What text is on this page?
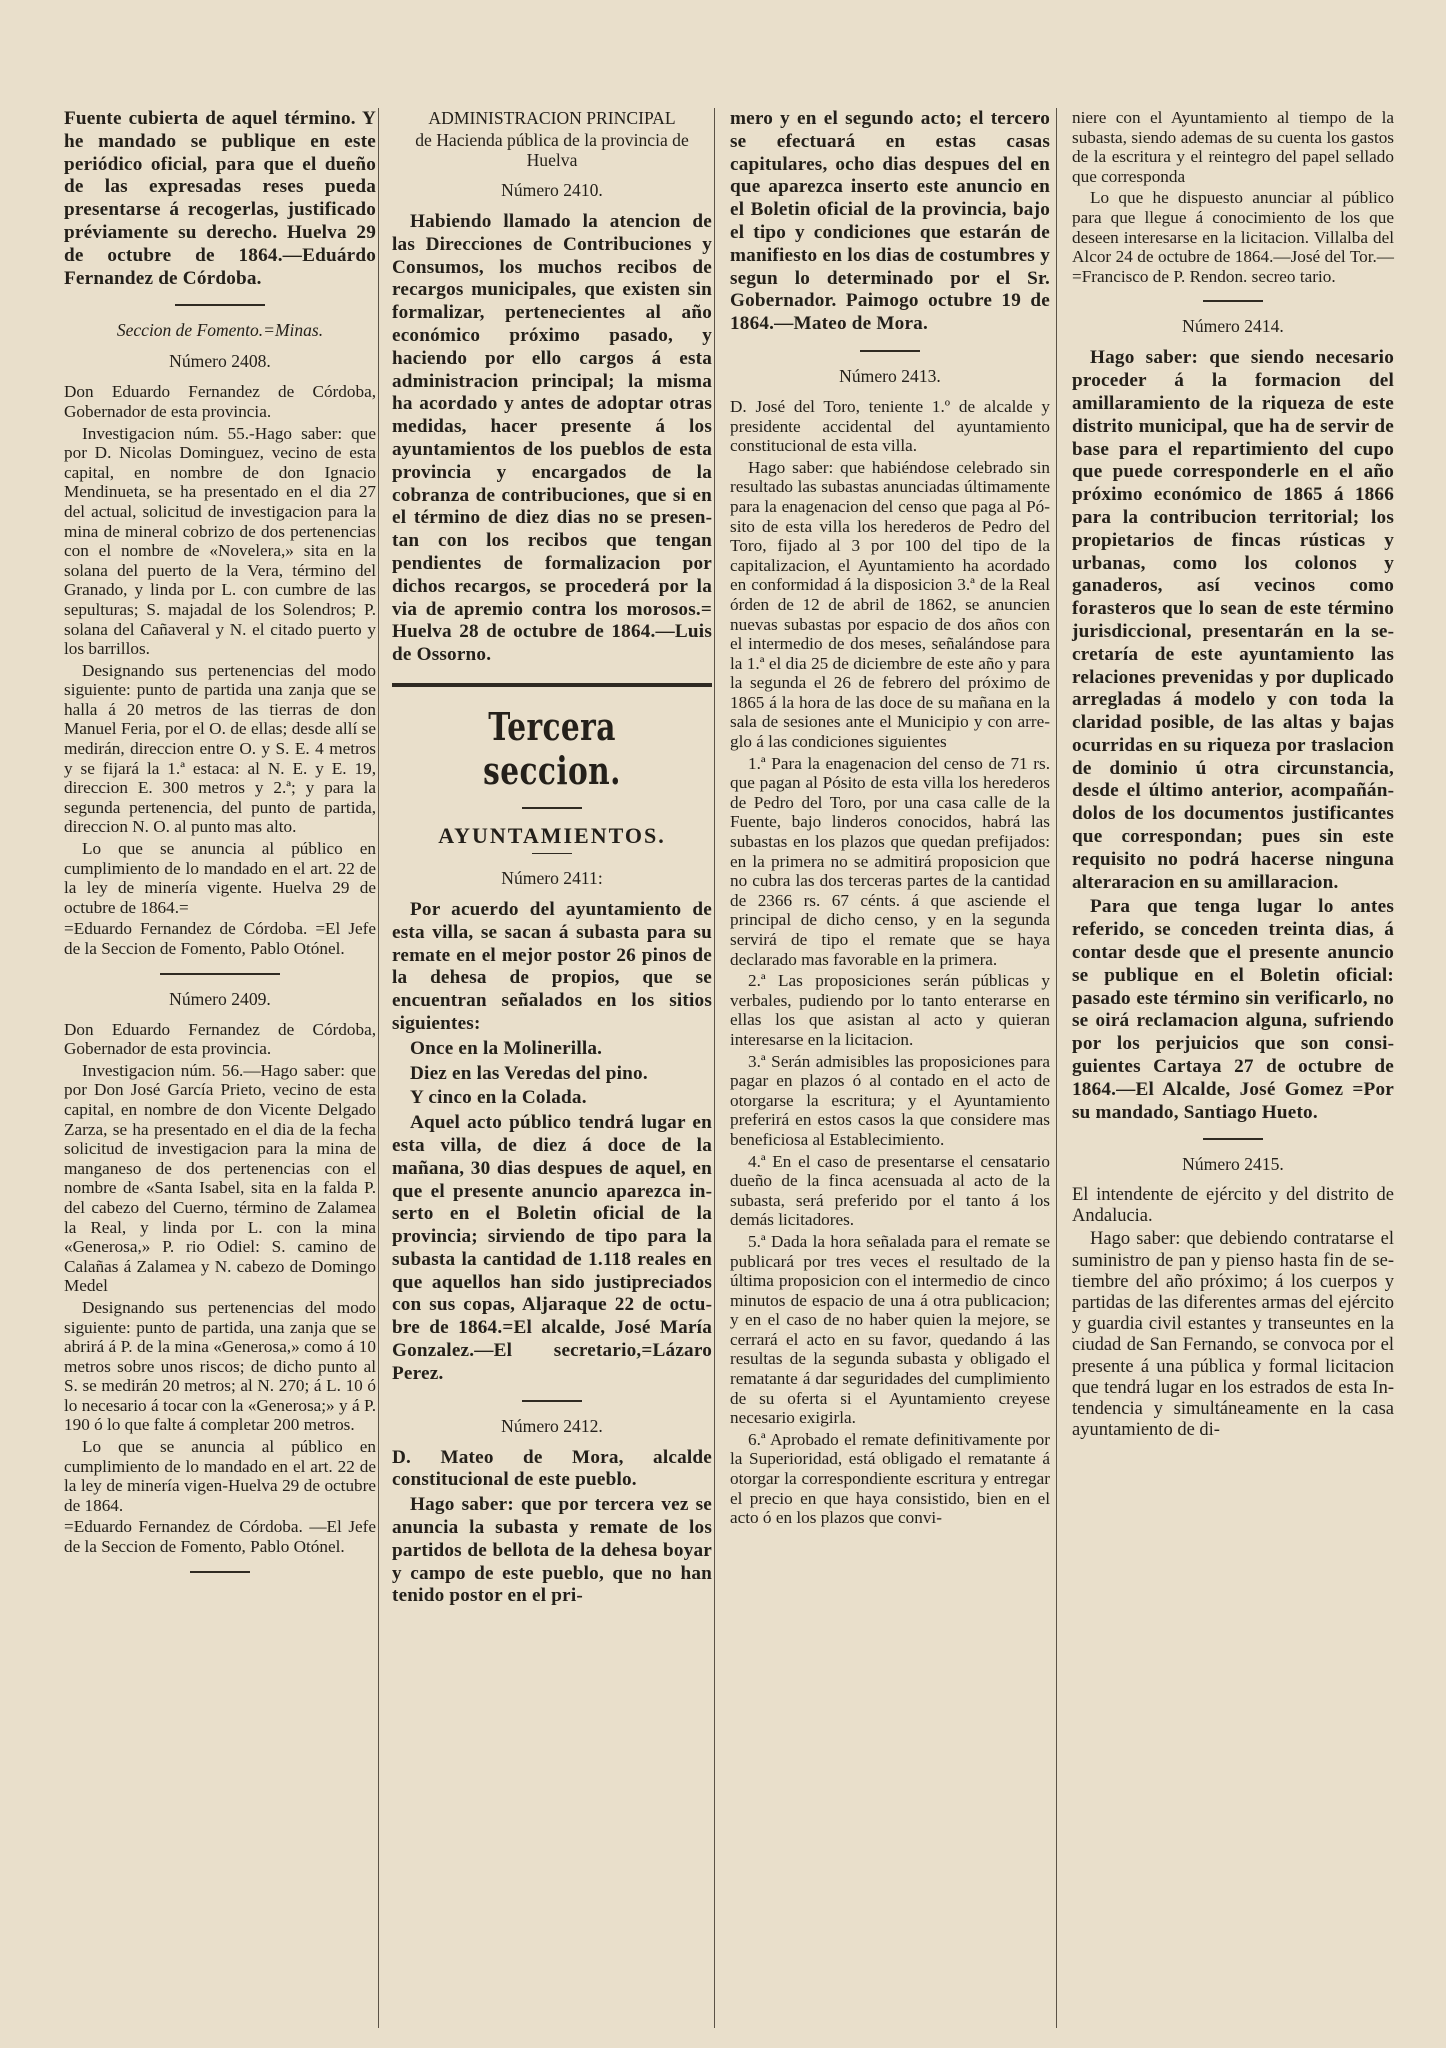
Fuente cubierta de aquel término. Y he mandado se publique en este periódico oficial, para que el dueño de las expresadas reses pueda presentarse á recogerlas, justificado préviamente su derecho. Huelva 29 de octubre de 1864.—Eduárdo Fernandez de Córdoba.

Seccion de Fomento.=Minas.
Número 2408.

Don Eduardo Fernandez de Córdoba, Gobernador de esta provincia.

Investigacion núm. 55.-Hago saber: que por D. Nicolas Dominguez, vecino de esta capital, en nombre de don Ignacio Mendinueta, se ha presentado en el dia 27 del actual, solicitud de investigacion para la mina de mineral cobrizo de dos pertenencias con el nombre de «Novelera,» sita en la solana del puerto de la Vera, término del Granado, y linda por L. con cumbre de las sepulturas; S. majadal de los Solendros; P. solana del Cañaveral y N. el citado puerto y los barrillos.

Designando sus pertenencias del modo siguiente: punto de partida una zanja que se halla á 20 metros de las tierras de don Manuel Feria, por el O. de ellas; desde allí se medirán, direccion entre O. y S. E. 4 metros y se fijará la 1.ª estaca: al N. E. y E. 19, direccion E. 300 metros y 2.ª; y para la segunda pertenencia, del punto de partida, direccion N. O. al punto mas alto.

Lo que se anuncia al público en cumplimiento de lo mandado en el art. 22 de la ley de minería vigente. Huelva 29 de octubre de 1864.=

=Eduardo Fernandez de Córdoba. =El Jefe de la Seccion de Fomento, Pablo Otónel.

Número 2409.

Don Eduardo Fernandez de Córdoba, Gobernador de esta provincia.

Investigacion núm. 56.—Hago saber: que por Don José García Prieto, vecino de esta capital, en nombre de don Vicente Delgado Zarza, se ha presentado en el dia de la fecha solicitud de investigacion para la mina de manganeso de dos pertenencias con el nombre de «Santa Isabel, sita en la falda P. del cabezo del Cuerno, término de Zalamea la Real, y linda por L. con la mina «Generosa,» P. rio Odiel: S. camino de Calañas á Zalamea y N. cabezo de Domingo Medel

Designando sus pertenencias del modo siguiente: punto de partida, una zanja que se abrirá á P. de la mina «Generosa,» como á 10 metros sobre unos riscos; de dicho punto al S. se medirán 20 metros; al N. 270; á L. 10 ó lo necesario á tocar con la «Generosa;» y á P. 190 ó lo que falte á completar 200 metros.

Lo que se anuncia al público en cumplimiento de lo mandado en el art. 22 de la ley de minería vigen-Huelva 29 de octubre de 1864.

=Eduardo Fernandez de Córdoba. —El Jefe de la Seccion de Fomento, Pablo Otónel.

ADMINISTRACION PRINCIPAL
de Hacienda pública de la provincia de Huelva
Número 2410.

Habiendo llamado la atencion de las Direcciones de Contribuciones y Consumos, los muchos recibos de recargos municipales, que existen sin formalizar, pertenecientes al año económico próximo pasado, y haciendo por ello cargos á esta administracion principal; la misma ha acordado y antes de adoptar otras medidas, hacer presente á los ayuntamientos de los pueblos de esta provincia y encargados de la cobranza de contribuciones, que si en el término de diez dias no se presentan con los recibos que tengan pendientes de formalizacion por dichos recargos, se procederá por la via de apremio contra los morosos.= Huelva 28 de octubre de 1864.—Luis de Ossorno.

Tercera seccion.
AYUNTAMIENTOS.
Número 2411:

Por acuerdo del ayuntamiento de esta villa, se sacan á subasta para su remate en el mejor postor 26 pinos de la dehesa de propios, que se encuentran señalados en los sitios siguientes:

Once en la Molinerilla.

Diez en las Veredas del pino.

Y cinco en la Colada.

Aquel acto público tendrá lugar en esta villa, de diez á doce de la mañana, 30 dias despues de aquel, en que el presente anuncio aparezca inserto en el Boletin oficial de la provincia; sirviendo de tipo para la subasta la cantidad de 1.118 reales en que aquellos han sido justipreciados con sus copas, Aljaraque 22 de octubre de 1864.=El alcalde, José María Gonzalez.—El secretario,=Lázaro Perez.

Número 2412.

D. Mateo de Mora, alcalde constitucional de este pueblo.

Hago saber: que por tercera vez se anuncia la subasta y remate de los partidos de bellota de la dehesa boyar y campo de este pueblo, que no han tenido postor en el pri-

mero y en el segundo acto; el tercero se efectuará en estas casas capitulares, ocho dias despues del en que aparezca inserto este anuncio en el Boletin oficial de la provincia, bajo el tipo y condiciones que estarán de manifiesto en los dias de costumbres y segun lo determinado por el Sr. Gobernador. Paimogo octubre 19 de 1864.—Mateo de Mora.

Número 2413.

D. José del Toro, teniente 1.º de alcalde y presidente accidental del ayuntamiento constitucional de esta villa.

Hago saber: que habiéndose celebrado sin resultado las subastas anunciadas últimamente para la enagenacion del censo que paga al Pósito de esta villa los herederos de Pedro del Toro, fijado al 3 por 100 del tipo de la capitalizacion, el Ayuntamiento ha acordado en conformidad á la disposicion 3.ª de la Real órden de 12 de abril de 1862, se anuncien nuevas subastas por espacio de dos años con el intermedio de dos meses, señalándose para la 1.ª el dia 25 de diciembre de este año y para la segunda el 26 de febrero del próximo de 1865 á la hora de las doce de su mañana en la sala de sesiones ante el Municipio y con arreglo á las condiciones siguientes

1.ª Para la enagenacion del censo de 71 rs. que pagan al Pósito de esta villa los herederos de Pedro del Toro, por una casa calle de la Fuente, bajo linderos conocidos, habrá las subastas en los plazos que quedan prefijados: en la primera no se admitirá proposicion que no cubra las dos terceras partes de la cantidad de 2366 rs. 67 cénts. á que asciende el principal de dicho censo, y en la segunda servirá de tipo el remate que se haya declarado mas favorable en la primera.

2.ª Las proposiciones serán públicas y verbales, pudiendo por lo tanto enterarse en ellas los que asistan al acto y quieran interesarse en la licitacion.

3.ª Serán admisibles las proposiciones para pagar en plazos ó al contado en el acto de otorgarse la escritura; y el Ayuntamiento preferirá en estos casos la que considere mas beneficiosa al Establecimiento.

4.ª En el caso de presentarse el censatario dueño de la finca acensuada al acto de la subasta, será preferido por el tanto á los demás licitadores.

5.ª Dada la hora señalada para el remate se publicará por tres veces el resultado de la última proposicion con el intermedio de cinco minutos de espacio de una á otra publicacion; y en el caso de no haber quien la mejore, se cerrará el acto en su favor, quedando á las resultas de la segunda subasta y obligado el rematante á dar seguridades del cumplimiento de su oferta si el Ayuntamiento creyese necesario exigirla.

6.ª Aprobado el remate definitivamente por la Superioridad, está obligado el rematante á otorgar la correspondiente escritura y entregar el precio en que haya consistido, bien en el acto ó en los plazos que convi-

niere con el Ayuntamiento al tiempo de la subasta, siendo ademas de su cuenta los gastos de la escritura y el reintegro del papel sellado que corresponda

Lo que he dispuesto anunciar al público para que llegue á conocimiento de los que deseen interesarse en la licitacion. Villalba del Alcor 24 de octubre de 1864.—José del Tor.— =Francisco de P. Rendon. secreo tario.

Número 2414.

Hago saber: que siendo necesario proceder á la formacion del amillaramiento de la riqueza de este distrito municipal, que ha de servir de base para el repartimiento del cupo que puede corresponderle en el año próximo económico de 1865 á 1866 para la contribucion territorial; los propietarios de fincas rústicas y urbanas, como los colonos y ganaderos, así vecinos como forasteros que lo sean de este término jurisdiccional, presentarán en la secretaría de este ayuntamiento las relaciones prevenidas y por duplicado arregladas á modelo y con toda la claridad posible, de las altas y bajas ocurridas en su riqueza por traslacion de dominio ú otra circunstancia, desde el último anterior, acompañándolos de los documentos justificantes que correspondan; pues sin este requisito no podrá hacerse ninguna alteraracion en su amillaracion.

Para que tenga lugar lo antes referido, se conceden treinta dias, á contar desde que el presente anuncio se publique en el Boletin oficial: pasado este término sin verificarlo, no se oirá reclamacion alguna, sufriendo por los perjuicios que son consiguientes Cartaya 27 de octubre de 1864.—El Alcalde, José Gomez =Por su mandado, Santiago Hueto.

Número 2415.

El intendente de ejército y del distrito de Andalucia.

Hago saber: que debiendo contratarse el suministro de pan y pienso hasta fin de setiembre del año próximo; á los cuerpos y partidas de las diferentes armas del ejército y guardia civil estantes y transeuntes en la ciudad de San Fernando, se convoca por el presente á una pública y formal licitacion que tendrá lugar en los estrados de esta Intendencia y simultáneamente en la casa ayuntamiento de di-
